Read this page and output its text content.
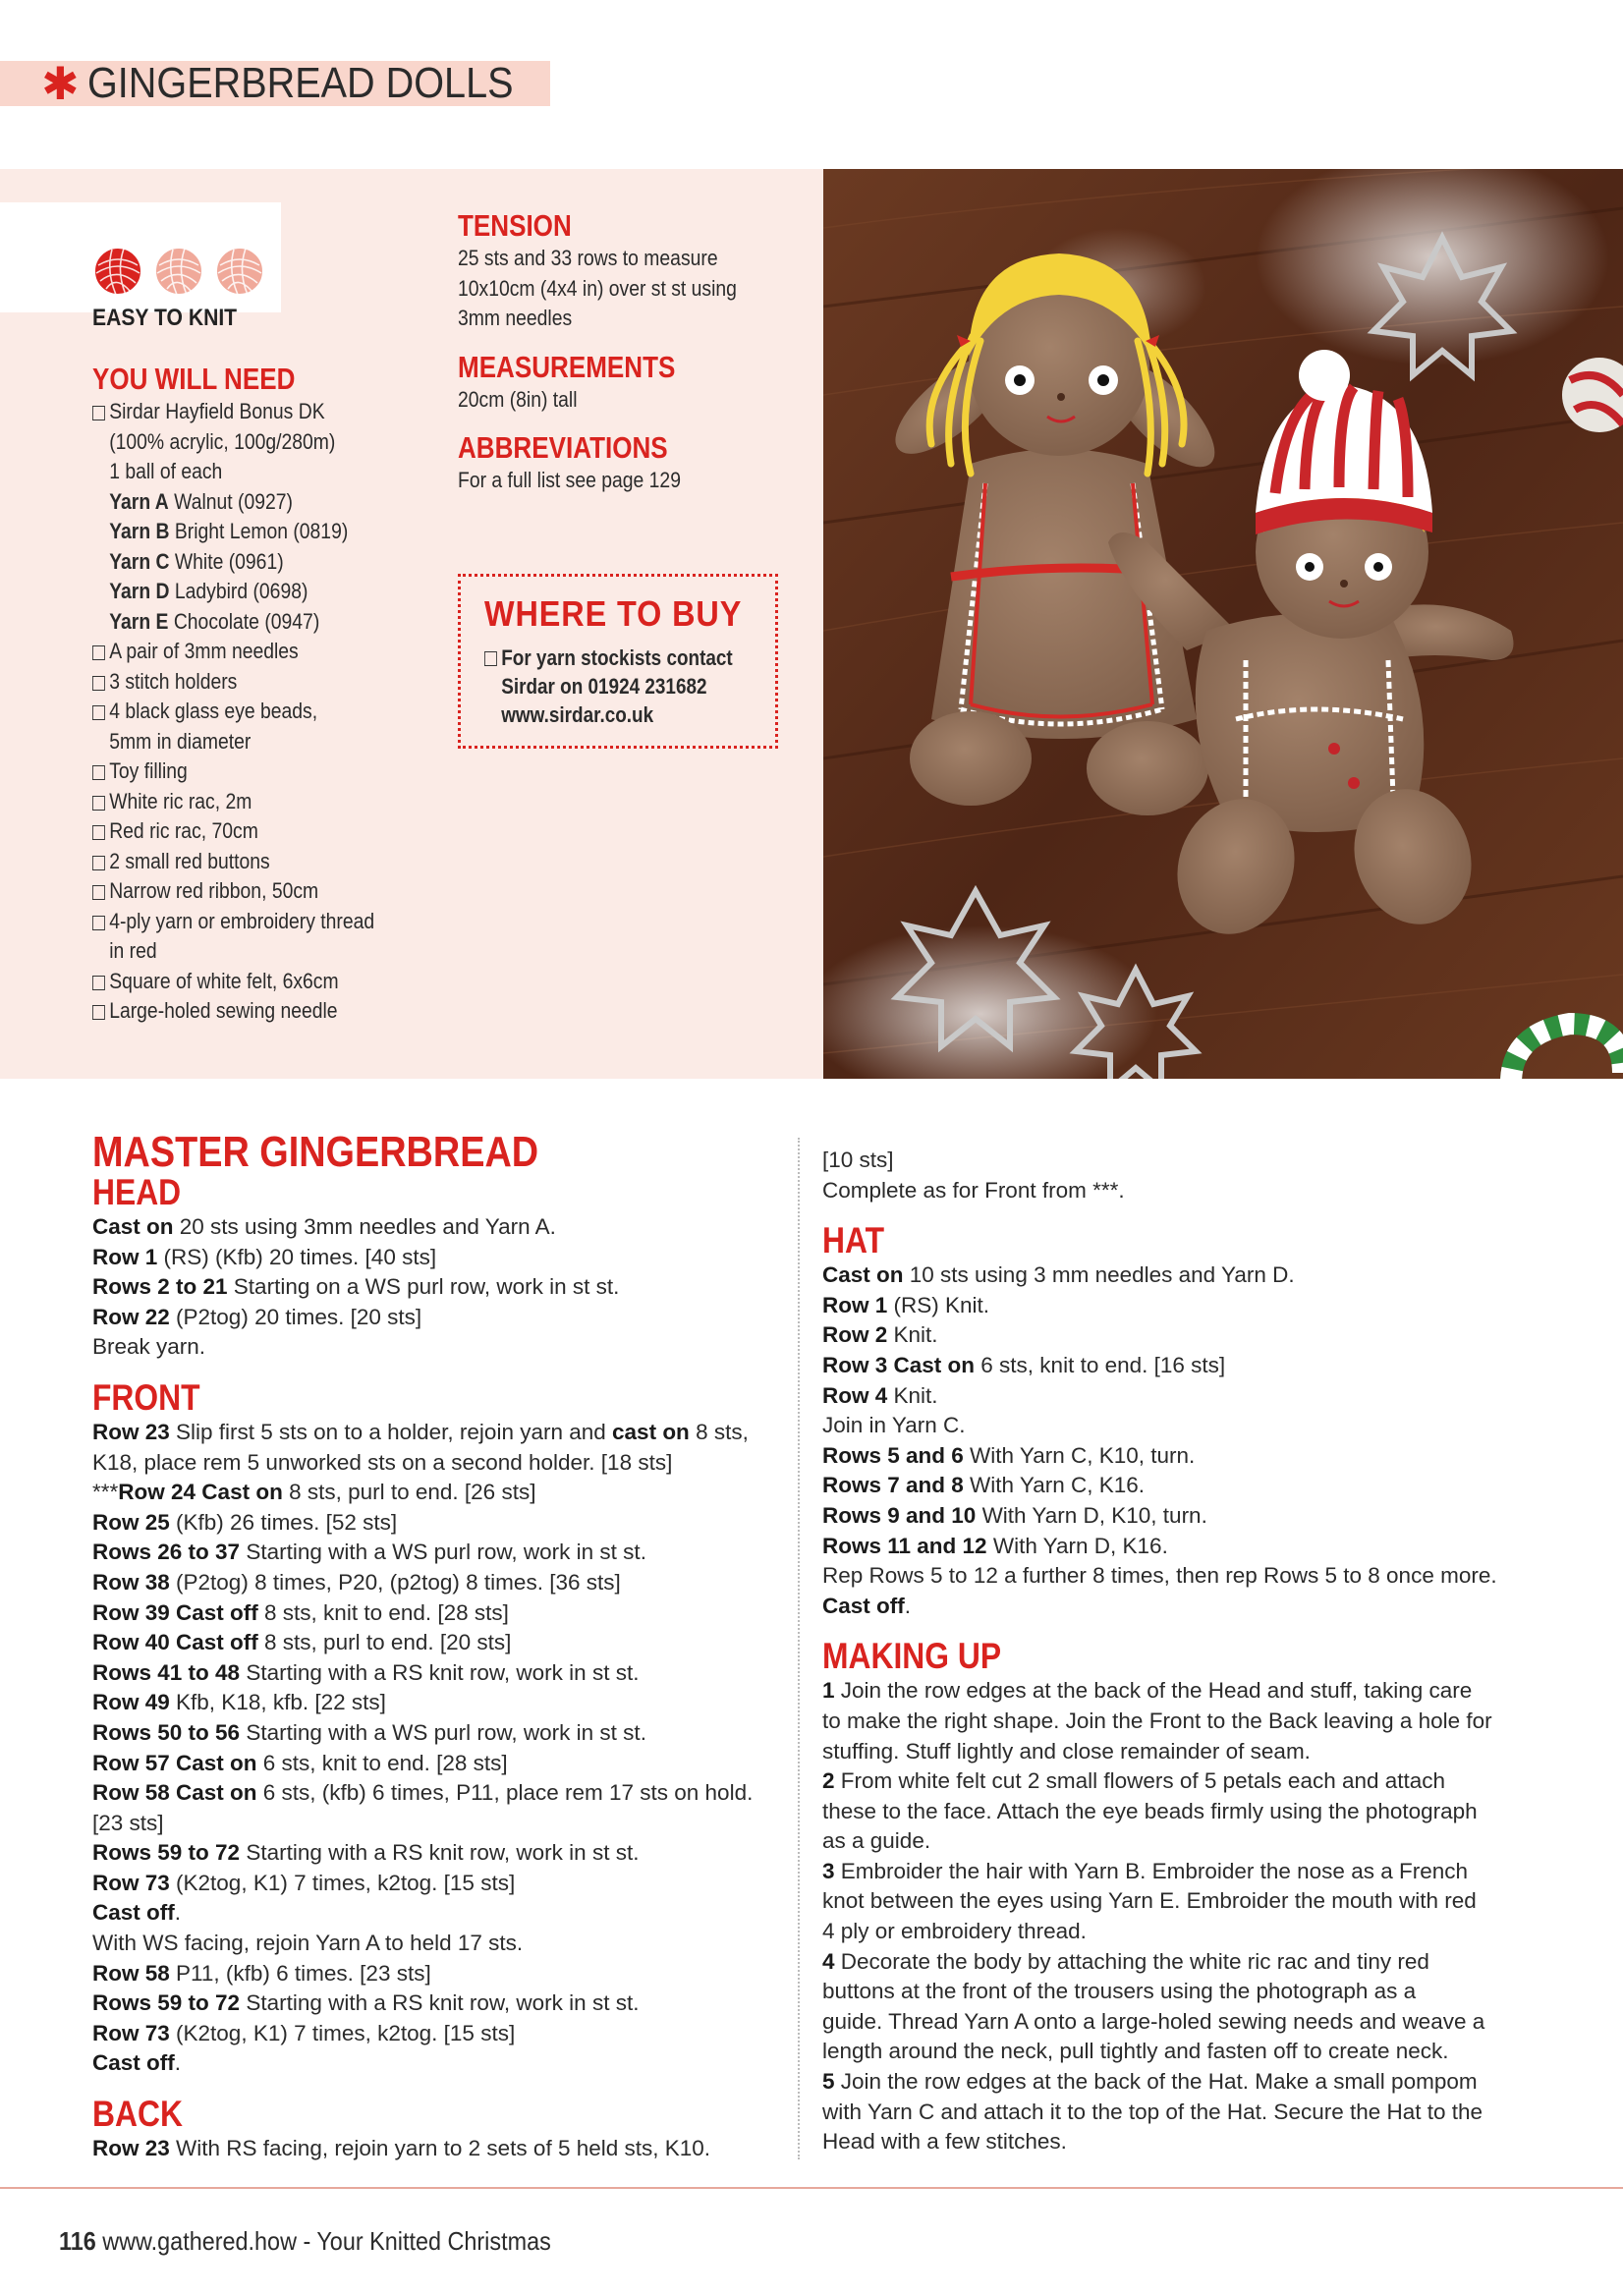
✱ GINGERBREAD DOLLS
EASY TO KNIT
YOU WILL NEED
Sirdar Hayfield Bonus DK
(100% acrylic, 100g/280m)
1 ball of each
Yarn A Walnut (0927)
Yarn B Bright Lemon (0819)
Yarn C White (0961)
Yarn D Ladybird (0698)
Yarn E Chocolate (0947)
A pair of 3mm needles
3 stitch holders
4 black glass eye beads,
5mm in diameter
Toy filling
White ric rac, 2m
Red ric rac, 70cm
2 small red buttons
Narrow red ribbon, 50cm
4-ply yarn or embroidery thread
in red
Square of white felt, 6x6cm
Large-holed sewing needle
TENSION
25 sts and 33 rows to measure
10x10cm (4x4 in) over st st using
3mm needles
MEASUREMENTS
20cm (8in) tall
ABBREVIATIONS
For a full list see page 129
WHERE TO BUY
For yarn stockists contact
Sirdar on 01924 231682
www.sirdar.co.uk
MASTER GINGERBREAD
HEAD
Cast on 20 sts using 3mm needles and Yarn A.
Row 1 (RS) (Kfb) 20 times. [40 sts]
Rows 2 to 21 Starting on a WS purl row, work in st st.
Row 22 (P2tog) 20 times. [20 sts]
Break yarn.
FRONT
Row 23 Slip first 5 sts on to a holder, rejoin yarn and cast on 8 sts,
K18, place rem 5 unworked sts on a second holder. [18 sts]
***Row 24 Cast on 8 sts, purl to end. [26 sts]
Row 25 (Kfb) 26 times. [52 sts]
Rows 26 to 37 Starting with a WS purl row, work in st st.
Row 38 (P2tog) 8 times, P20, (p2tog) 8 times. [36 sts]
Row 39 Cast off 8 sts, knit to end. [28 sts]
Row 40 Cast off 8 sts, purl to end. [20 sts]
Rows 41 to 48 Starting with a RS knit row, work in st st.
Row 49 Kfb, K18, kfb. [22 sts]
Rows 50 to 56 Starting with a WS purl row, work in st st.
Row 57 Cast on 6 sts, knit to end. [28 sts]
Row 58 Cast on 6 sts, (kfb) 6 times, P11, place rem 17 sts on hold.
[23 sts]
Rows 59 to 72 Starting with a RS knit row, work in st st.
Row 73 (K2tog, K1) 7 times, k2tog. [15 sts]
Cast off.
With WS facing, rejoin Yarn A to held 17 sts.
Row 58 P11, (kfb) 6 times. [23 sts]
Rows 59 to 72 Starting with a RS knit row, work in st st.
Row 73 (K2tog, K1) 7 times, k2tog. [15 sts]
Cast off.
BACK
Row 23 With RS facing, rejoin yarn to 2 sets of 5 held sts, K10.
[10 sts]
Complete as for Front from ***.
HAT
Cast on 10 sts using 3 mm needles and Yarn D.
Row 1 (RS) Knit.
Row 2 Knit.
Row 3 Cast on 6 sts, knit to end. [16 sts]
Row 4 Knit.
Join in Yarn C.
Rows 5 and 6 With Yarn C, K10, turn.
Rows 7 and 8 With Yarn C, K16.
Rows 9 and 10 With Yarn D, K10, turn.
Rows 11 and 12 With Yarn D, K16.
Rep Rows 5 to 12 a further 8 times, then rep Rows 5 to 8 once more.
Cast off.
MAKING UP
1 Join the row edges at the back of the Head and stuff, taking care
to make the right shape. Join the Front to the Back leaving a hole for
stuffing. Stuff lightly and close remainder of seam.
2 From white felt cut 2 small flowers of 5 petals each and attach
these to the face. Attach the eye beads firmly using the photograph
as a guide.
3 Embroider the hair with Yarn B. Embroider the nose as a French
knot between the eyes using Yarn E. Embroider the mouth with red
4 ply or embroidery thread.
4 Decorate the body by attaching the white ric rac and tiny red
buttons at the front of the trousers using the photograph as a
guide. Thread Yarn A onto a large-holed sewing needs and weave a
length around the neck, pull tightly and fasten off to create neck.
5 Join the row edges at the back of the Hat. Make a small pompom
with Yarn C and attach it to the top of the Hat. Secure the Hat to the
Head with a few stitches.
116 www.gathered.how - Your Knitted Christmas
